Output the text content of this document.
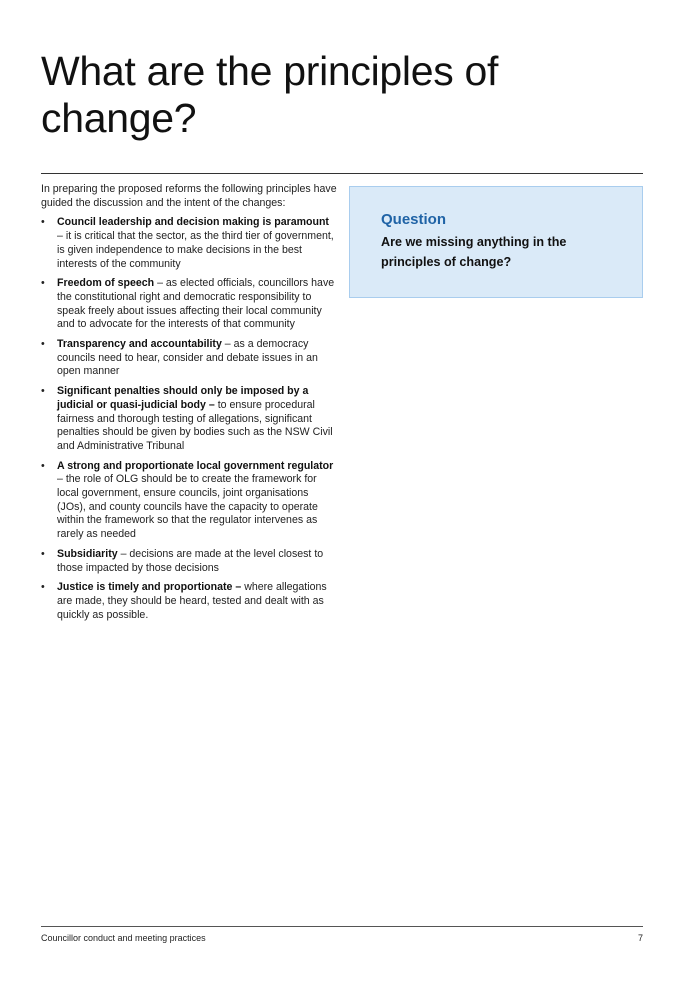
What are the principles of change?

In preparing the proposed reforms the following principles have guided the discussion and the intent of the changes:

• Council leadership and decision making is paramount – it is critical that the sector, as the third tier of government, is given independence to make decisions in the best interests of the community
• Freedom of speech – as elected officials, councillors have the constitutional right and democratic responsibility to speak freely about issues affecting their local community and to advocate for the interests of that community
• Transparency and accountability – as a democracy councils need to hear, consider and debate issues in an open manner
• Significant penalties should only be imposed by a judicial or quasi-judicial body – to ensure procedural fairness and thorough testing of allegations, significant penalties should be given by bodies such as the NSW Civil and Administrative Tribunal
• A strong and proportionate local government regulator – the role of OLG should be to create the framework for local government, ensure councils, joint organisations (JOs), and county councils have the capacity to operate within the framework so that the regulator intervenes as rarely as needed
• Subsidiarity – decisions are made at the level closest to those impacted by those decisions
• Justice is timely and proportionate – where allegations are made, they should be heard, tested and dealt with as quickly as possible.
Question

Are we missing anything in the principles of change?

Councillor conduct and meeting practices	7
